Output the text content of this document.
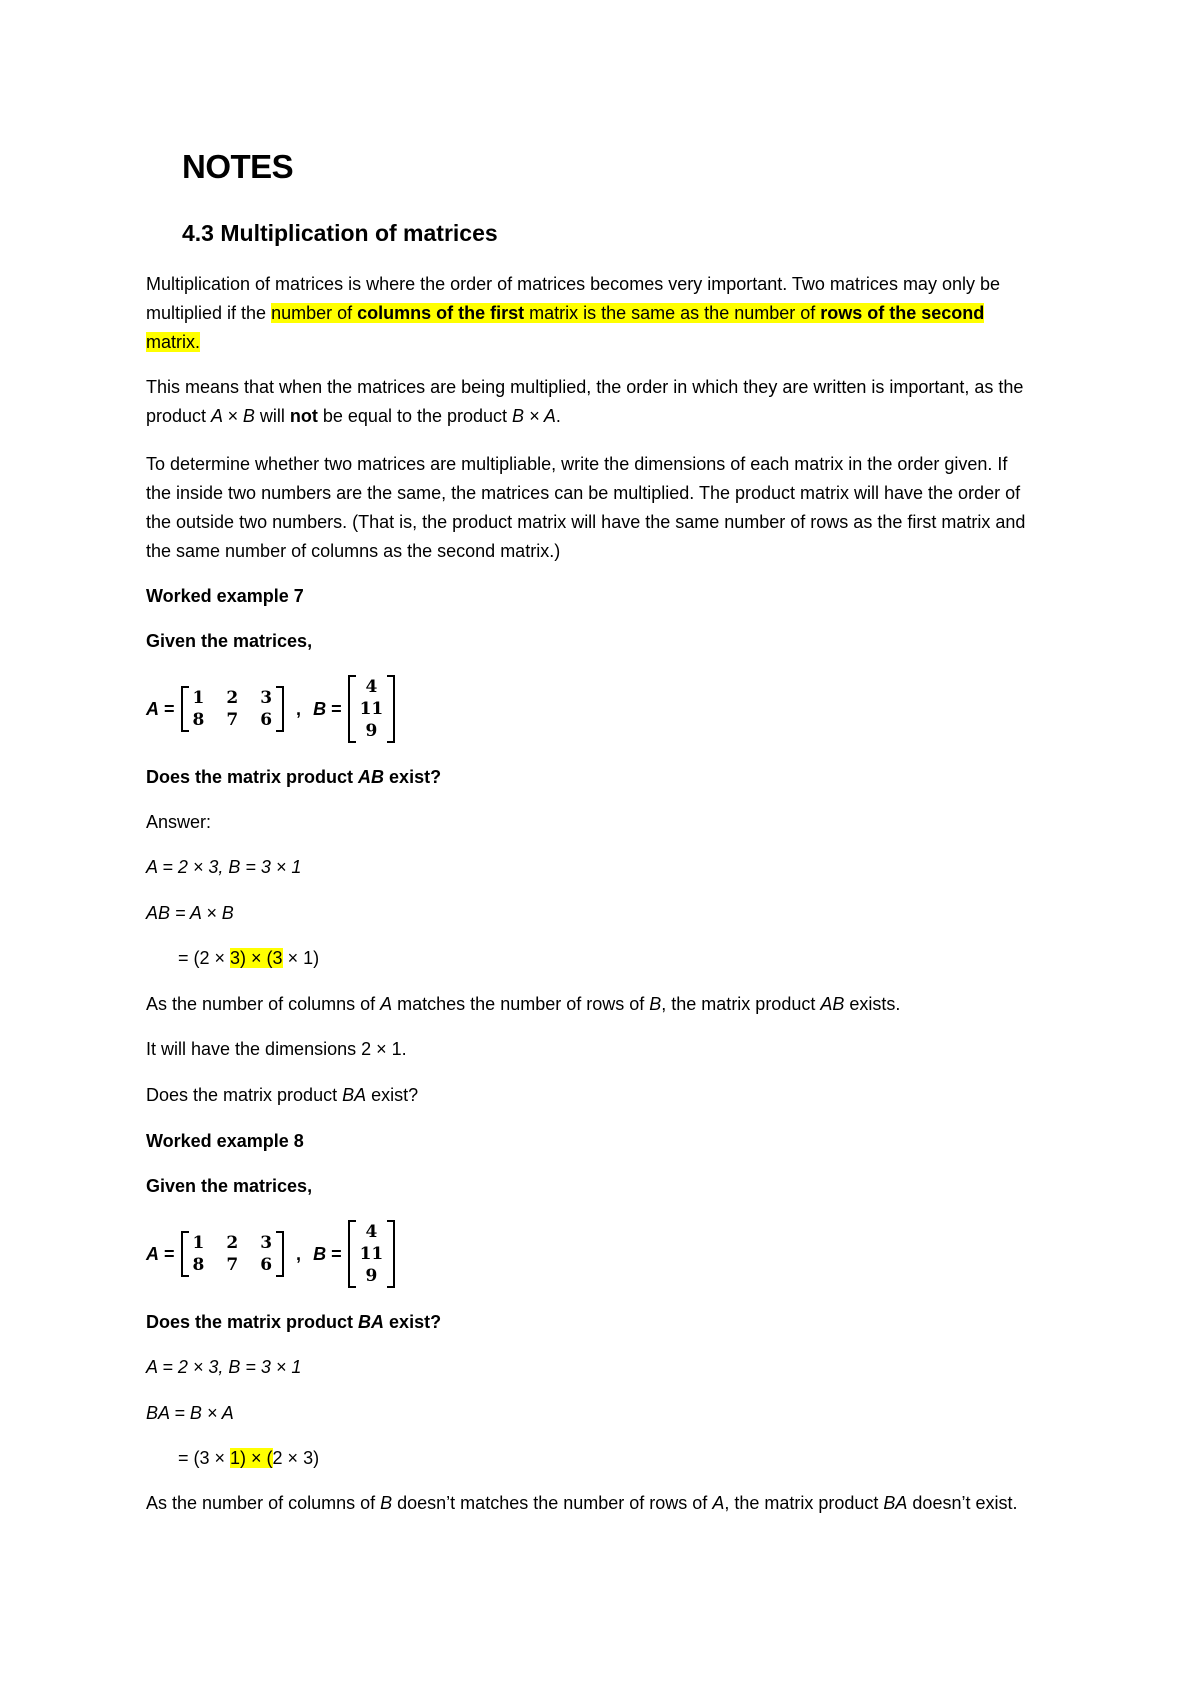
NOTES
4.3 Multiplication of matrices
Multiplication of matrices is where the order of matrices becomes very important. Two matrices may only be multiplied if the number of columns of the first matrix is the same as the number of rows of the second matrix.
This means that when the matrices are being multiplied, the order in which they are written is important, as the product A × B will not be equal to the product B × A.
To determine whether two matrices are multipliable, write the dimensions of each matrix in the order given. If the inside two numbers are the same, the matrices can be multiplied. The product matrix will have the order of the outside two numbers. (That is, the product matrix will have the same number of rows as the first matrix and the same number of columns as the second matrix.)
Worked example 7
Given the matrices,
A =
1 2 3
8 7 6
, B =
4
11
9
Does the matrix product AB exist?
Answer:
A = 2 × 3, B = 3 × 1
AB = A × B
= (2 × 3) × (3 × 1)
As the number of columns of A matches the number of rows of B, the matrix product AB exists.
It will have the dimensions 2 × 1.
Does the matrix product BA exist?
Worked example 8
Given the matrices,
A =
1 2 3
8 7 6
, B =
4
11
9
Does the matrix product BA exist?
A = 2 × 3, B = 3 × 1
BA = B × A
= (3 × 1) × (2 × 3)
As the number of columns of B doesn’t matches the number of rows of A, the matrix product BA doesn’t exist.
